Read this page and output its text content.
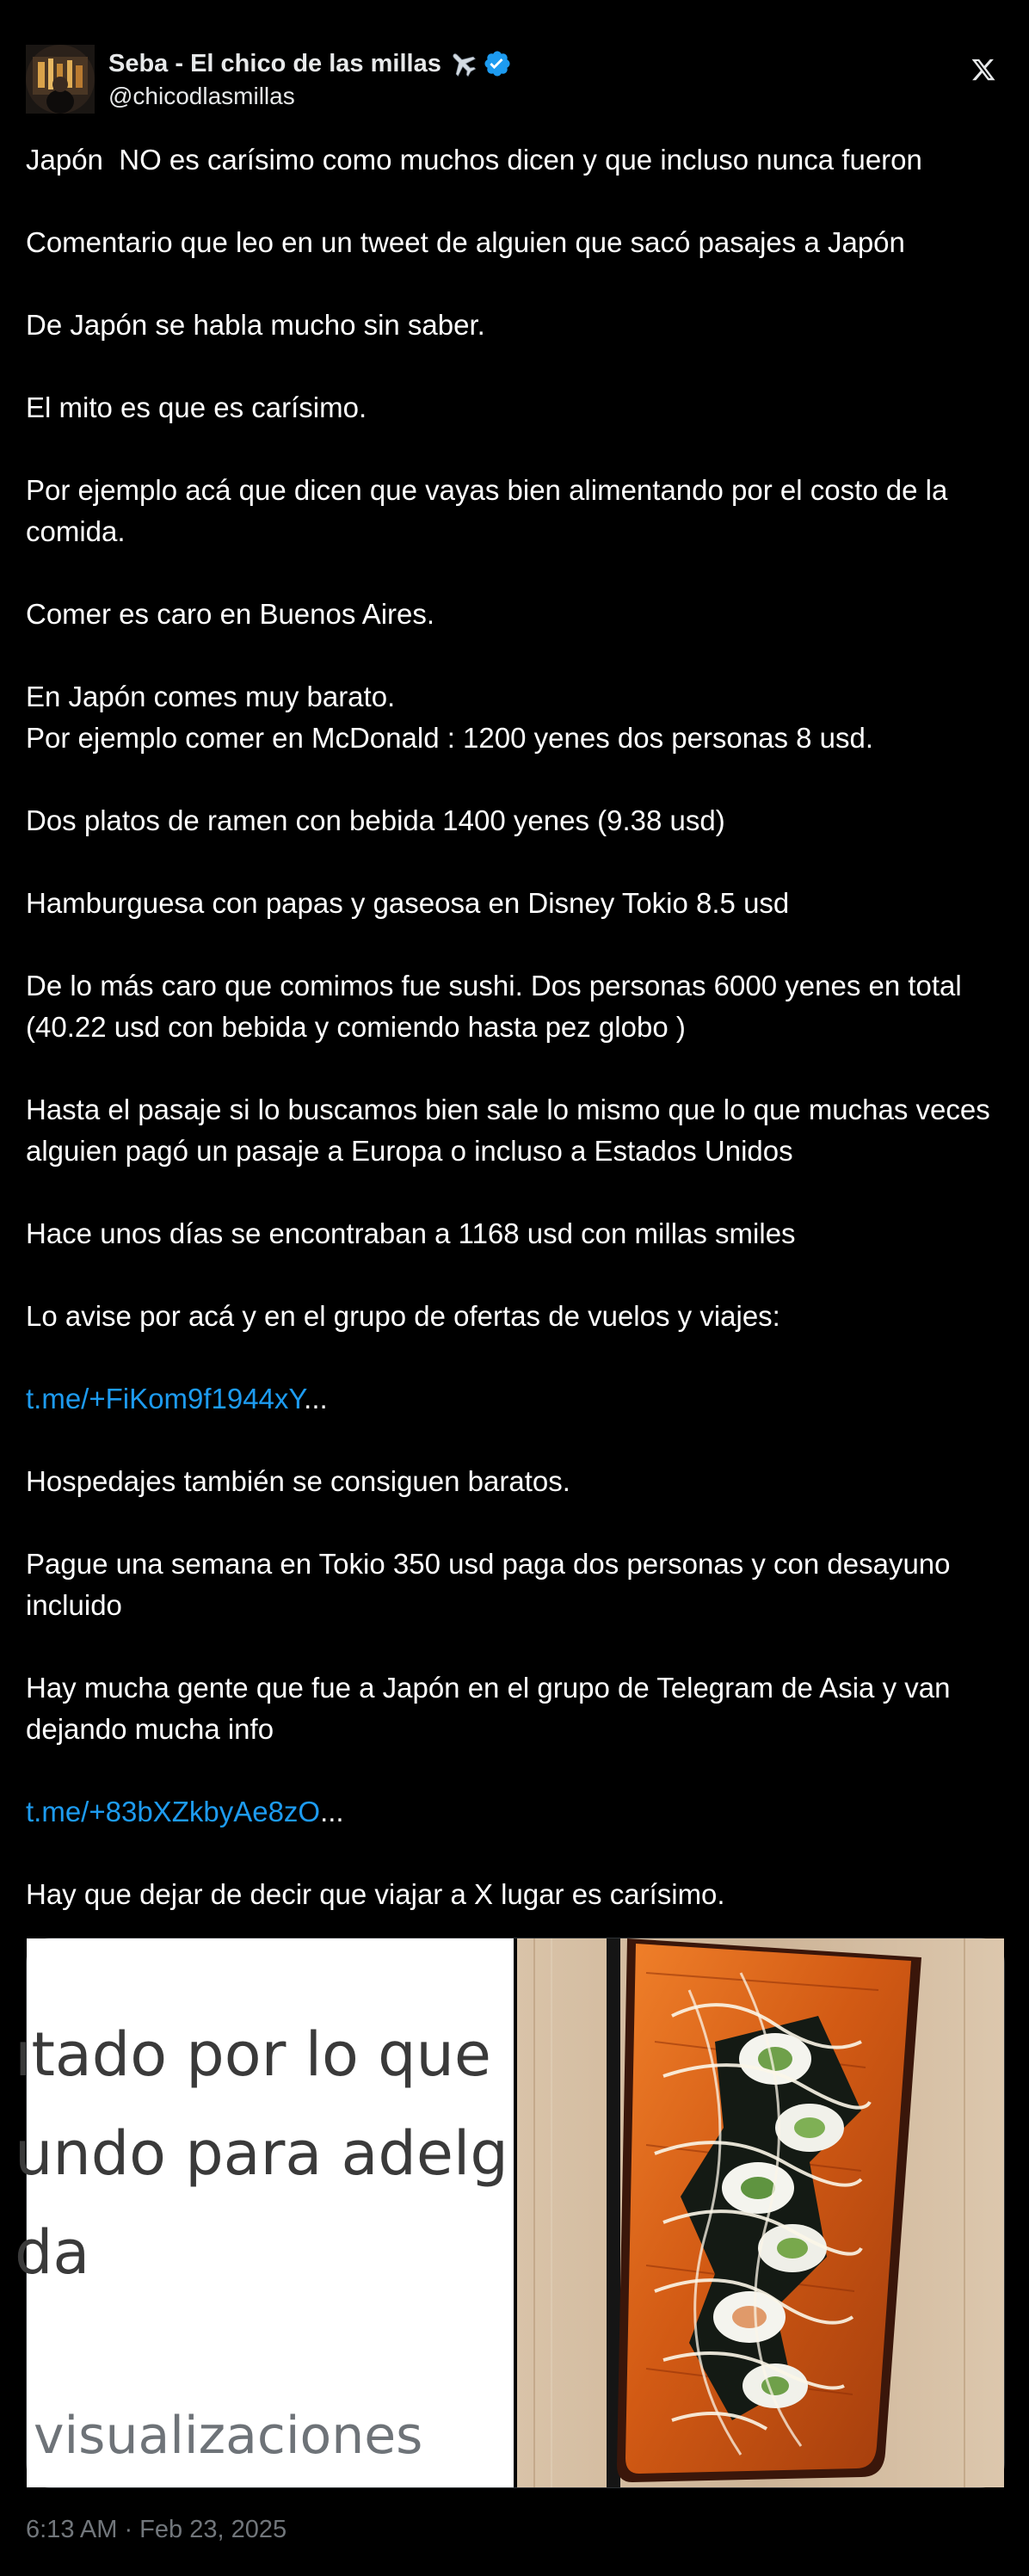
Seba - El chico de las millas
@chicodlasmillas

Japón  NO es carísimo como muchos dicen y que incluso nunca fueron

Comentario que leo en un tweet de alguien que sacó pasajes a Japón

De Japón se habla mucho sin saber.

El mito es que es carísimo.

Por ejemplo acá que dicen que vayas bien alimentando por el costo de la comida.

Comer es caro en Buenos Aires.

En Japón comes muy barato.
Por ejemplo comer en McDonald : 1200 yenes dos personas 8 usd.

Dos platos de ramen con bebida 1400 yenes (9.38 usd)

Hamburguesa con papas y gaseosa en Disney Tokio 8.5 usd

De lo más caro que comimos fue sushi. Dos personas 6000 yenes en total (40.22 usd con bebida y comiendo hasta pez globo )

Hasta el pasaje si lo buscamos bien sale lo mismo que lo que muchas veces alguien pagó un pasaje a Europa o incluso a Estados Unidos

Hace unos días se encontraban a 1168 usd con millas smiles

Lo avise por acá y en el grupo de ofertas de vuelos y viajes:

t.me/+FiKom9f1944xY...

Hospedajes también se consiguen baratos.

Pague una semana en Tokio 350 usd paga dos personas y con desayuno incluido

Hay mucha gente que fue a Japón en el grupo de Telegram de Asia y van dejando mucha info

t.me/+83bXZkbyAe8zO...

Hay que dejar de decir que viajar a X lugar es carísimo.

ıtado por lo que
undo para adelg
da
visualizaciones
6:13 AM · Feb 23, 2025
